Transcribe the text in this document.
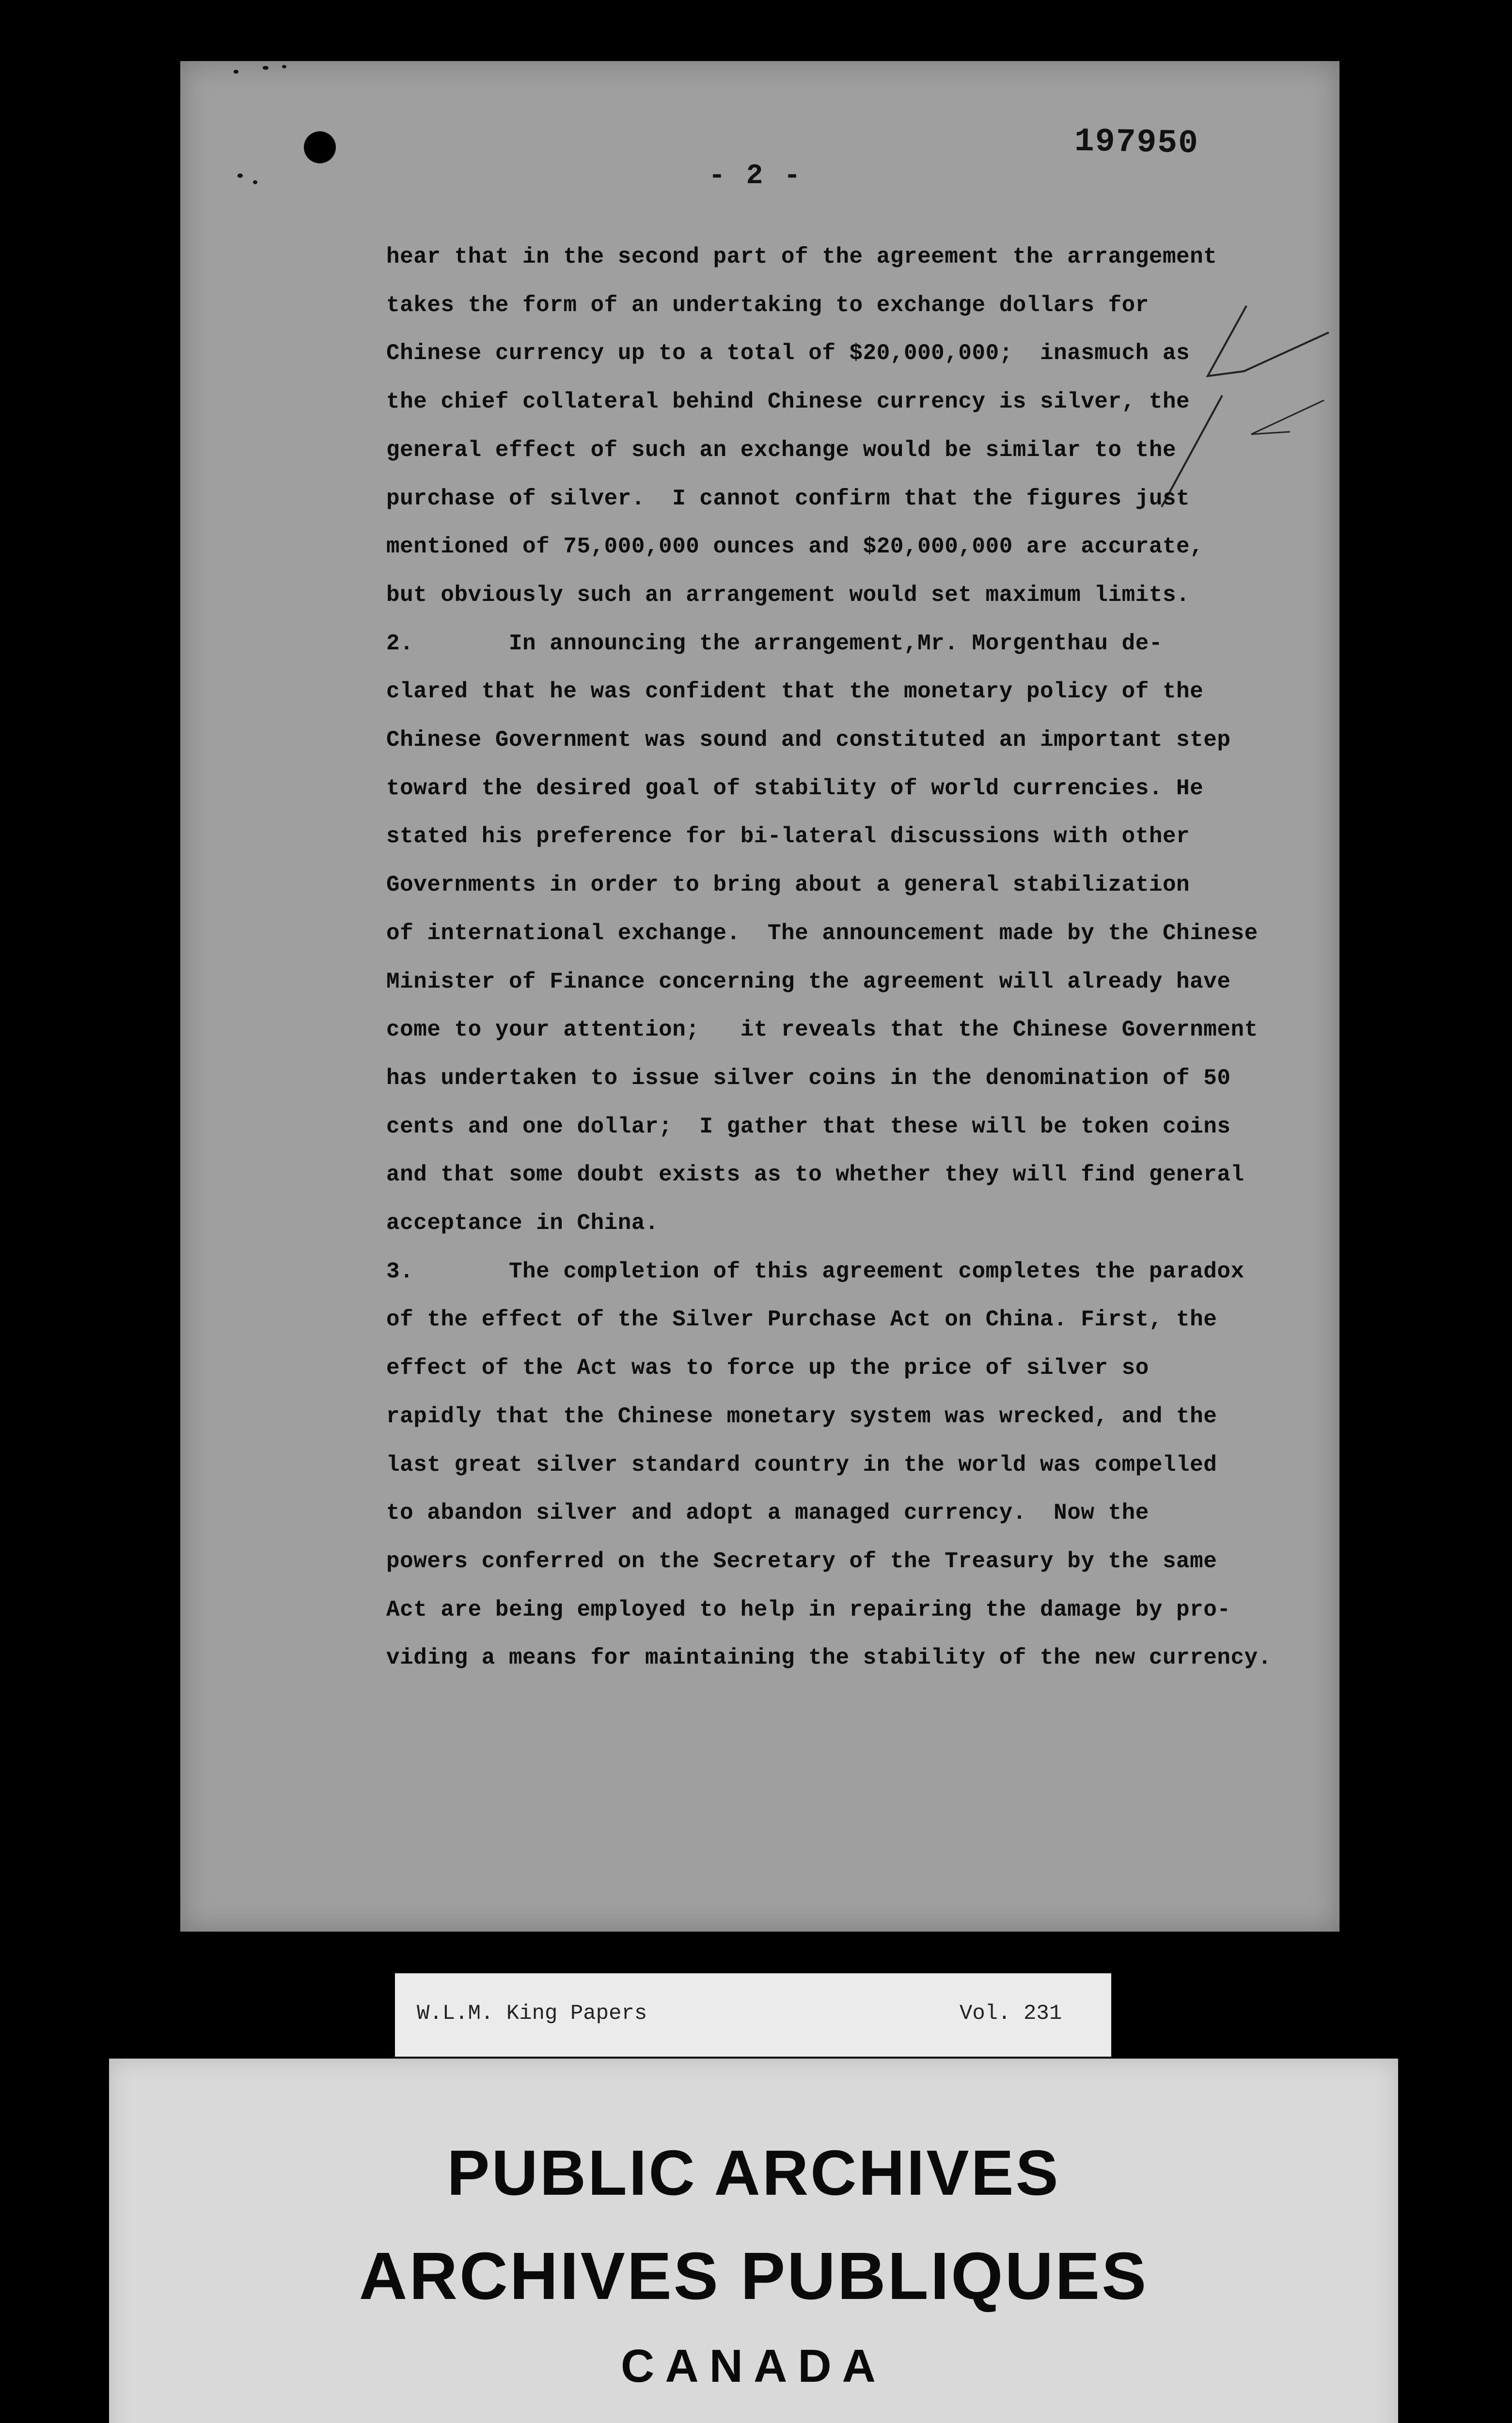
197950
- 2 -
hear that in the second part of the agreement the arrangement
takes the form of an undertaking to exchange dollars for
Chinese currency up to a total of $20,000,000;  inasmuch as
the chief collateral behind Chinese currency is silver, the
general effect of such an exchange would be similar to the
purchase of silver.  I cannot confirm that the figures just
mentioned of 75,000,000 ounces and $20,000,000 are accurate,
but obviously such an arrangement would set maximum limits.
2.       In announcing the arrangement,Mr. Morgenthau de-
clared that he was confident that the monetary policy of the
Chinese Government was sound and constituted an important step
toward the desired goal of stability of world currencies. He
stated his preference for bi-lateral discussions with other
Governments in order to bring about a general stabilization
of international exchange.  The announcement made by the Chinese
Minister of Finance concerning the agreement will already have
come to your attention;   it reveals that the Chinese Government
has undertaken to issue silver coins in the denomination of 50
cents and one dollar;  I gather that these will be token coins
and that some doubt exists as to whether they will find general
acceptance in China.
3.       The completion of this agreement completes the paradox
of the effect of the Silver Purchase Act on China. First, the
effect of the Act was to force up the price of silver so
rapidly that the Chinese monetary system was wrecked, and the
last great silver standard country in the world was compelled
to abandon silver and adopt a managed currency.  Now the
powers conferred on the Secretary of the Treasury by the same
Act are being employed to help in repairing the damage by pro-
viding a means for maintaining the stability of the new currency.
W.L.M. King Papers	Vol. 231
PUBLIC ARCHIVES
ARCHIVES PUBLIQUES
CANADA
